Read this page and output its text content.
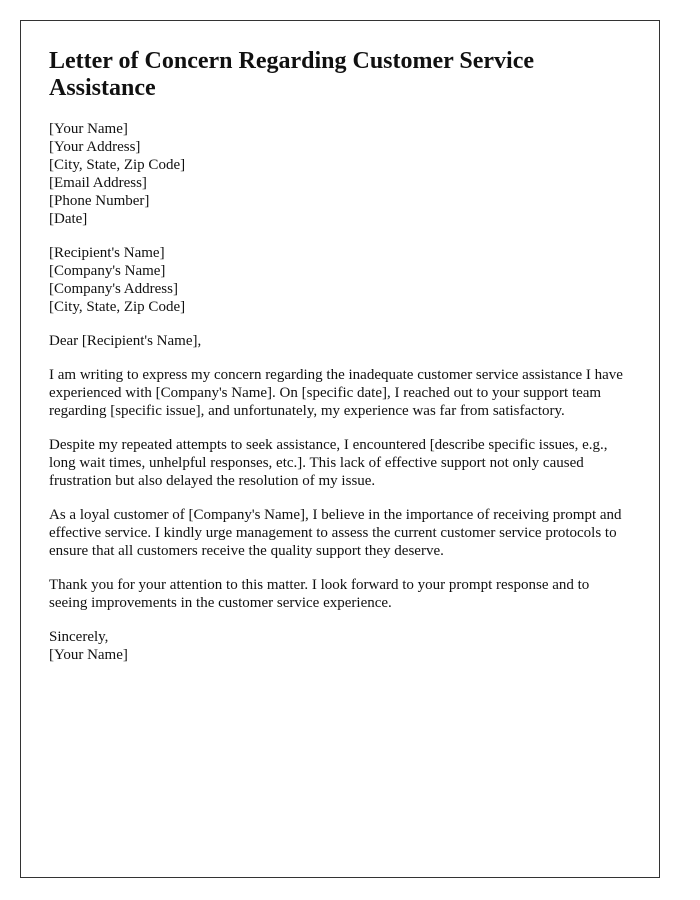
Letter of Concern Regarding Customer Service Assistance
[Your Name]
[Your Address]
[City, State, Zip Code]
[Email Address]
[Phone Number]
[Date]
[Recipient's Name]
[Company's Name]
[Company's Address]
[City, State, Zip Code]

Dear [Recipient's Name],

I am writing to express my concern regarding the inadequate customer service assistance I have experienced with [Company's Name]. On [specific date], I reached out to your support team regarding [specific issue], and unfortunately, my experience was far from satisfactory.

Despite my repeated attempts to seek assistance, I encountered [describe specific issues, e.g., long wait times, unhelpful responses, etc.]. This lack of effective support not only caused frustration but also delayed the resolution of my issue.

As a loyal customer of [Company's Name], I believe in the importance of receiving prompt and effective service. I kindly urge management to assess the current customer service protocols to ensure that all customers receive the quality support they deserve.

Thank you for your attention to this matter. I look forward to your prompt response and to seeing improvements in the customer service experience.

Sincerely,
[Your Name]
